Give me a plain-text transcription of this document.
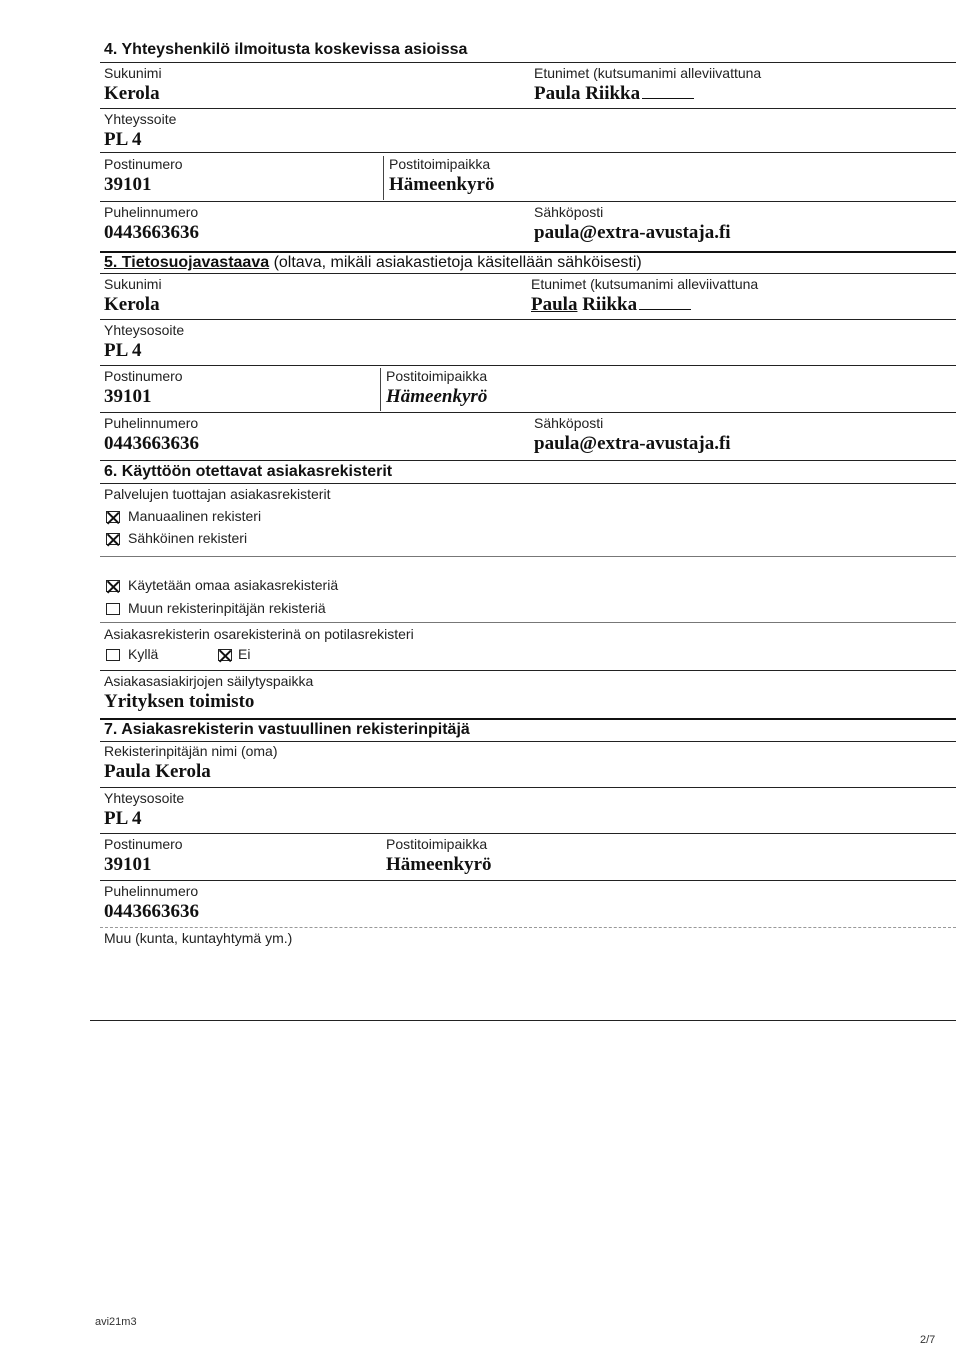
4. Yhteyshenkilö ilmoitusta koskevissa asioissa
Sukunimi
Kerola
Etunimet (kutsumanimi alleviivattuna
Paula Riikka
Yhteyssoite
PL 4
Postinumero
39101
Postitoimipaikka
Hämeenkyrö
Puhelinnumero
0443663636
Sähköposti
paula@extra-avustaja.fi
5. Tietosuojavastaava (oltava, mikäli asiakastietoja käsitellään sähköisesti)
Sukunimi
Kerola
Etunimet (kutsumanimi alleviivattuna
Paula Riikka
Yhteysosoite
PL 4
Postinumero
39101
Postitoimipaikka
Hämeenkyrö
Puhelinnumero
0443663636
Sähköposti
paula@extra-avustaja.fi
6. Käyttöön otettavat asiakasrekisterit
Palvelujen tuottajan asiakasrekisterit
Manuaalinen rekisteri
Sähköinen rekisteri
Käytetään omaa asiakasrekisteriä
Muun rekisterinpitäjän rekisteriä
Asiakasrekisterin osarekisterinä on potilasrekisteri
Kyllä	Ei
Asiakasasiakirjojen säilytyspaikka
Yrityksen toimisto
7. Asiakasrekisterin vastuullinen rekisterinpitäjä
Rekisterinpitäjän nimi (oma)
Paula Kerola
Yhteysosoite
PL 4
Postinumero
39101
Postitoimipaikka
Hämeenkyrö
Puhelinnumero
0443663636
Muu (kunta, kuntayhtymä ym.)
avi21m3
2/7
